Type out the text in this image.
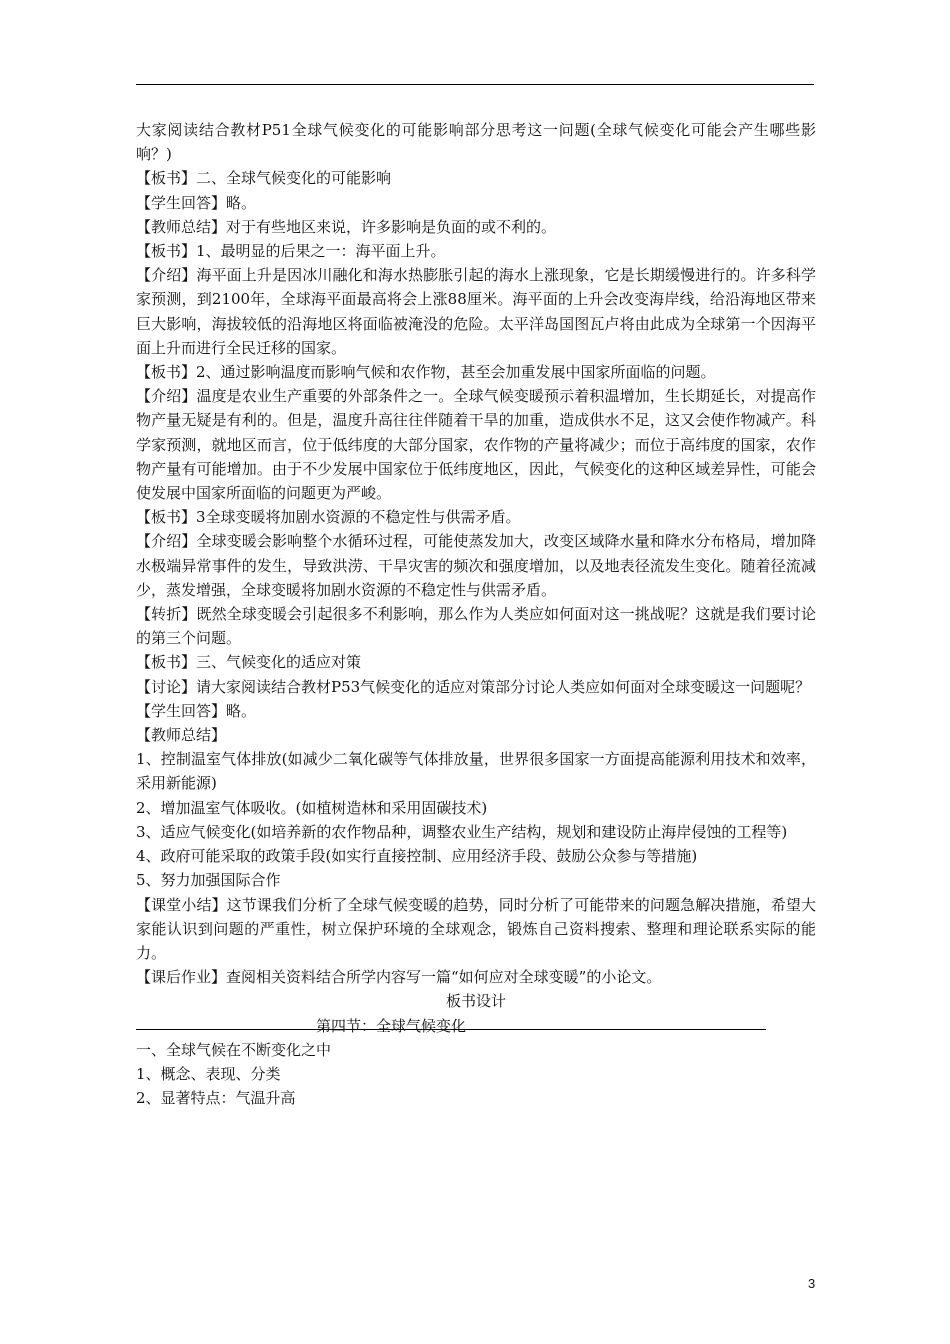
大家阅读结合教材P51全球气候变化的可能影响部分思考这一问题(全球气候变化可能会产生哪些影响？)

【板书】二、全球气候变化的可能影响

【学生回答】略。

【教师总结】对于有些地区来说，许多影响是负面的或不利的。

【板书】1、最明显的后果之一：海平面上升。

【介绍】海平面上升是因冰川融化和海水热膨胀引起的海水上涨现象，它是长期缓慢进行的。许多科学家预测，到2100年，全球海平面最高将会上涨88厘米。海平面的上升会改变海岸线，给沿海地区带来巨大影响，海拔较低的沿海地区将面临被淹没的危险。太平洋岛国图瓦卢将由此成为全球第一个因海平面上升而进行全民迁移的国家。

【板书】2、通过影响温度而影响气候和农作物，甚至会加重发展中国家所面临的问题。

【介绍】温度是农业生产重要的外部条件之一。全球气候变暖预示着积温增加，生长期延长，对提高作物产量无疑是有利的。但是，温度升高往往伴随着干旱的加重，造成供水不足，这又会使作物减产。科学家预测，就地区而言，位于低纬度的大部分国家，农作物的产量将减少；而位于高纬度的国家，农作物产量有可能增加。由于不少发展中国家位于低纬度地区，因此，气候变化的这种区域差异性，可能会使发展中国家所面临的问题更为严峻。

【板书】3全球变暖将加剧水资源的不稳定性与供需矛盾。

【介绍】全球变暖会影响整个水循环过程，可能使蒸发加大，改变区域降水量和降水分布格局，增加降水极端异常事件的发生，导致洪涝、干旱灾害的频次和强度增加，以及地表径流发生变化。随着径流减少，蒸发增强，全球变暖将加剧水资源的不稳定性与供需矛盾。

【转折】既然全球变暖会引起很多不利影响，那么作为人类应如何面对这一挑战呢？这就是我们要讨论的第三个问题。

【板书】三、气候变化的适应对策

【讨论】请大家阅读结合教材P53气候变化的适应对策部分讨论人类应如何面对全球变暖这一问题呢？

【学生回答】略。

【教师总结】

1、控制温室气体排放(如减少二氧化碳等气体排放量，世界很多国家一方面提高能源利用技术和效率，采用新能源)

2、增加温室气体吸收。(如植树造林和采用固碳技术)

3、适应气候变化(如培养新的农作物品种，调整农业生产结构，规划和建设防止海岸侵蚀的工程等)

4、政府可能采取的政策手段(如实行直接控制、应用经济手段、鼓励公众参与等措施)

5、努力加强国际合作

【课堂小结】这节课我们分析了全球气候变暖的趋势，同时分析了可能带来的问题急解决措施，希望大家能认识到问题的严重性，树立保护环境的全球观念，锻炼自己资料搜索、整理和理论联系实际的能力。

【课后作业】查阅相关资料结合所学内容写一篇“如何应对全球变暖”的小论文。

板书设计

第四节：全球气候变化

一、全球气候在不断变化之中

1、概念、表现、分类

2、显著特点：气温升高

3
